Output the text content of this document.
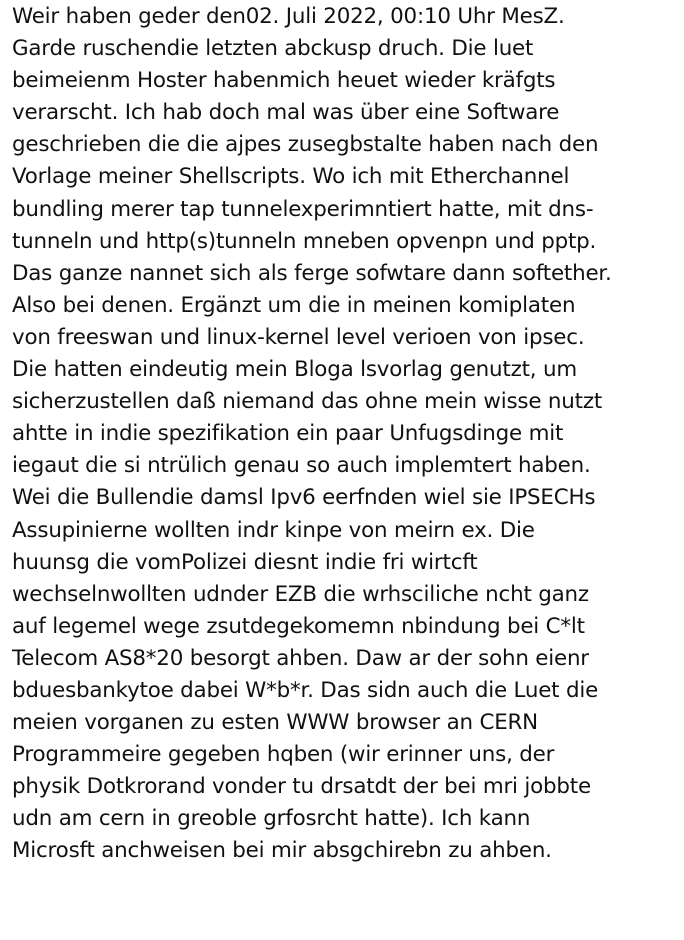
Weir haben geder den02. Juli 2022, 00:10 Uhr MesZ.
Garde ruschendie letzten abckusp druch. Die luet
beimeienm Hoster habenmich heuet wieder kräfgts
verarscht. Ich hab doch mal was über eine Software
geschrieben die die ajpes zusegbstalte haben nach den
Vorlage meiner Shellscripts. Wo ich mit Etherchannel
bundling merer tap tunnelexperimntiert hatte, mit dns-
tunneln und http(s)tunneln mneben opvenpn und pptp.
Das ganze nannet sich als ferge sofwtare dann softether.
Also bei denen. Ergänzt um die in meinen komiplaten
von freeswan und linux-kernel level verioen von ipsec.
Die hatten eindeutig mein Bloga lsvorlag genutzt, um
sicherzustellen daß niemand das ohne mein wisse nutzt
ahtte in indie spezifikation ein paar Unfugsdinge mit
iegaut die si ntrülich genau so auch implemtert haben.
Wei die Bullendie damsl Ipv6 eerfnden wiel sie IPSECHs
Assupinierne wollten indr kinpe von meirn ex. Die
huunsg die vomPolizei diesnt indie fri wirtcft
wechselnwollten udnder EZB die wrhsciliche ncht ganz
auf legemel wege zsutdegekomemn nbindung bei C*lt
Telecom AS8*20 besorgt ahben. Daw ar der sohn eienr
bduesbankytoe dabei W*b*r. Das sidn auch die Luet die
meien vorganen zu esten WWW browser an CERN
Programmeire gegeben hqben (wir erinner uns, der
physik Dotkrorand vonder tu drsatdt der bei mri jobbte
udn am cern in greoble grfosrcht hatte). Ich kann
Microsft anchweisen bei mir absgchirebn zu ahben.
